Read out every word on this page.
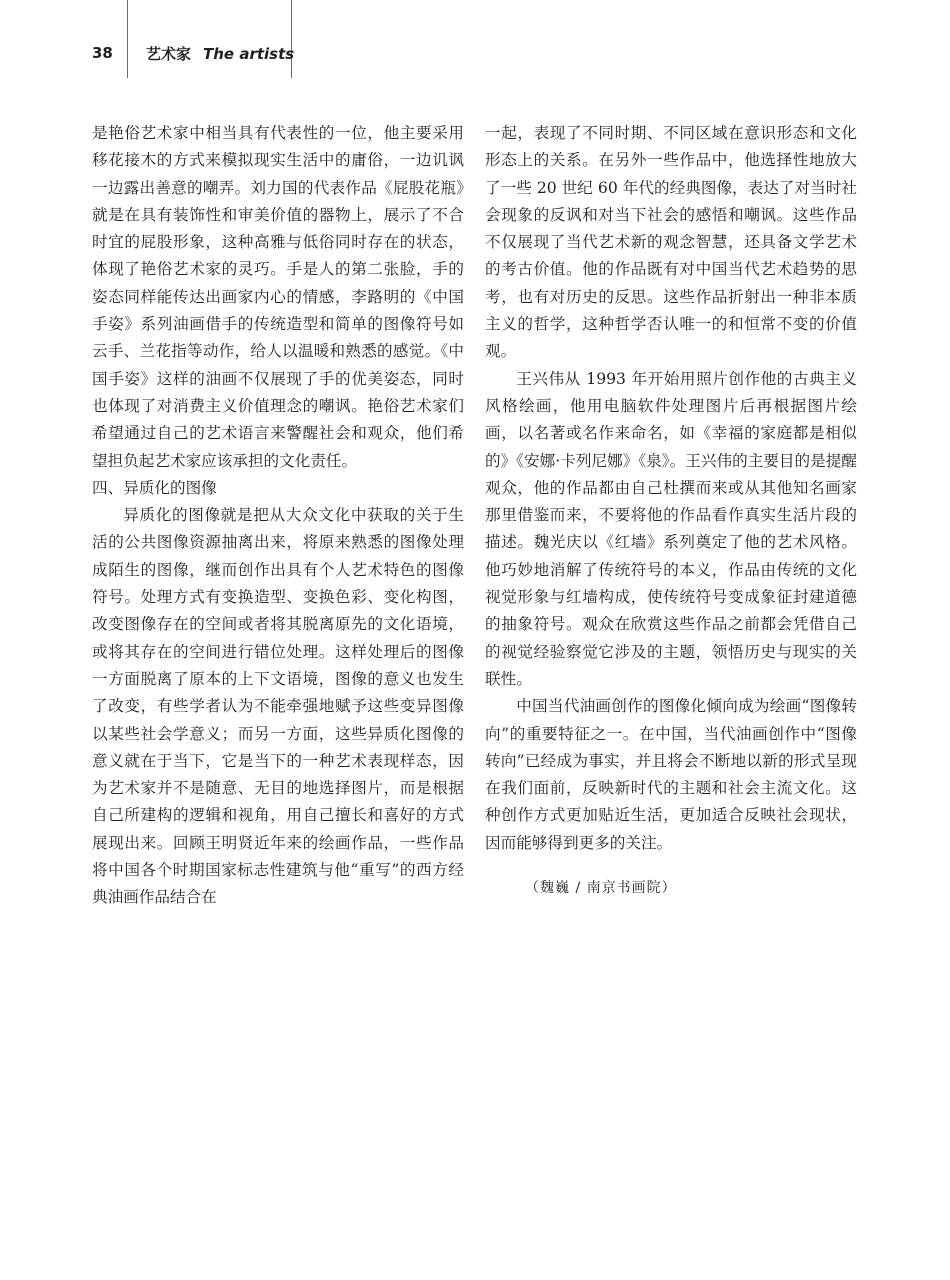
38 艺术家 The artists

是艳俗艺术家中相当具有代表性的一位，他主要采用移花接木的方式来模拟现实生活中的庸俗，一边讥讽一边露出善意的嘲弄。刘力国的代表作品《屁股花瓶》就是在具有装饰性和审美价值的器物上，展示了不合时宜的屁股形象，这种高雅与低俗同时存在的状态，体现了艳俗艺术家的灵巧。手是人的第二张脸，手的姿态同样能传达出画家内心的情感，李路明的《中国手姿》系列油画借手的传统造型和简单的图像符号如云手、兰花指等动作，给人以温暖和熟悉的感觉。《中国手姿》这样的油画不仅展现了手的优美姿态，同时也体现了对消费主义价值理念的嘲讽。艳俗艺术家们希望通过自己的艺术语言来警醒社会和观众，他们希望担负起艺术家应该承担的文化责任。

四、异质化的图像

异质化的图像就是把从大众文化中获取的关于生活的公共图像资源抽离出来，将原来熟悉的图像处理成陌生的图像，继而创作出具有个人艺术特色的图像符号。处理方式有变换造型、变换色彩、变化构图，改变图像存在的空间或者将其脱离原先的文化语境，或将其存在的空间进行错位处理。这样处理后的图像一方面脱离了原本的上下文语境，图像的意义也发生了改变，有些学者认为不能牵强地赋予这些变异图像以某些社会学意义；而另一方面，这些异质化图像的意义就在于当下，它是当下的一种艺术表现样态，因为艺术家并不是随意、无目的地选择图片，而是根据自己所建构的逻辑和视角，用自己擅长和喜好的方式展现出来。回顾王明贤近年来的绘画作品，一些作品将中国各个时期国家标志性建筑与他“重写”的西方经典油画作品结合在

一起，表现了不同时期、不同区域在意识形态和文化形态上的关系。在另外一些作品中，他选择性地放大了一些 20 世纪 60 年代的经典图像，表达了对当时社会现象的反讽和对当下社会的感悟和嘲讽。这些作品不仅展现了当代艺术新的观念智慧，还具备文学艺术的考古价值。他的作品既有对中国当代艺术趋势的思考，也有对历史的反思。这些作品折射出一种非本质主义的哲学，这种哲学否认唯一的和恒常不变的价值观。

王兴伟从 1993 年开始用照片创作他的古典主义风格绘画，他用电脑软件处理图片后再根据图片绘画，以名著或名作来命名，如《幸福的家庭都是相似的》《安娜·卡列尼娜》《泉》。王兴伟的主要目的是提醒观众，他的作品都由自己杜撰而来或从其他知名画家那里借鉴而来，不要将他的作品看作真实生活片段的描述。魏光庆以《红墙》系列奠定了他的艺术风格。他巧妙地消解了传统符号的本义，作品由传统的文化视觉形象与红墙构成，使传统符号变成象征封建道德的抽象符号。观众在欣赏这些作品之前都会凭借自己的视觉经验察觉它涉及的主题，领悟历史与现实的关联性。

中国当代油画创作的图像化倾向成为绘画“图像转向”的重要特征之一。在中国，当代油画创作中“图像转向”已经成为事实，并且将会不断地以新的形式呈现在我们面前，反映新时代的主题和社会主流文化。这种创作方式更加贴近生活，更加适合反映社会现状，因而能够得到更多的关注。

（魏巍 / 南京书画院）
